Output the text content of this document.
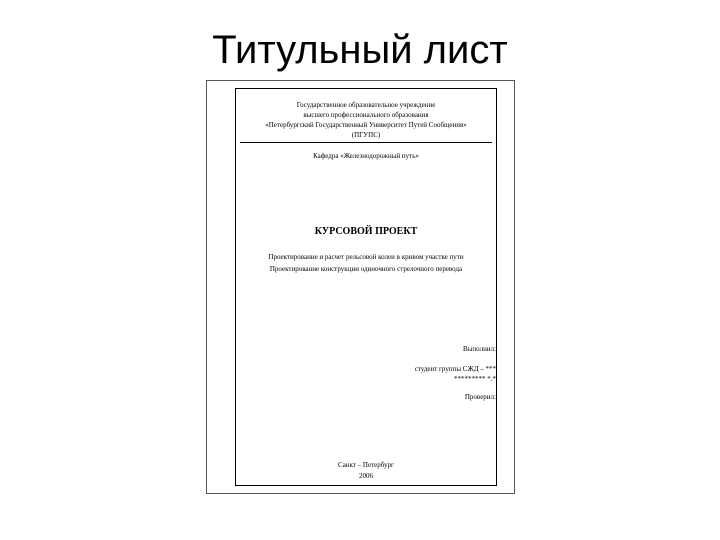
Титульный лист
Государственное образовательное учреждение
высшего профессионального образования
«Петербургский Государственный Университет Путей Сообщения»
(ПГУПС)
Кафедра «Железнодорожный путь»
КУРСОВОЙ ПРОЕКТ
Проектирование и расчет рельсовой колеи в кривом участке пути
Проектирование конструкции одиночного стрелочного перевода
Выполнил:
студент группы СЖД – ***
********* *.*
Проверил:
Санкт – Петербург
2006
